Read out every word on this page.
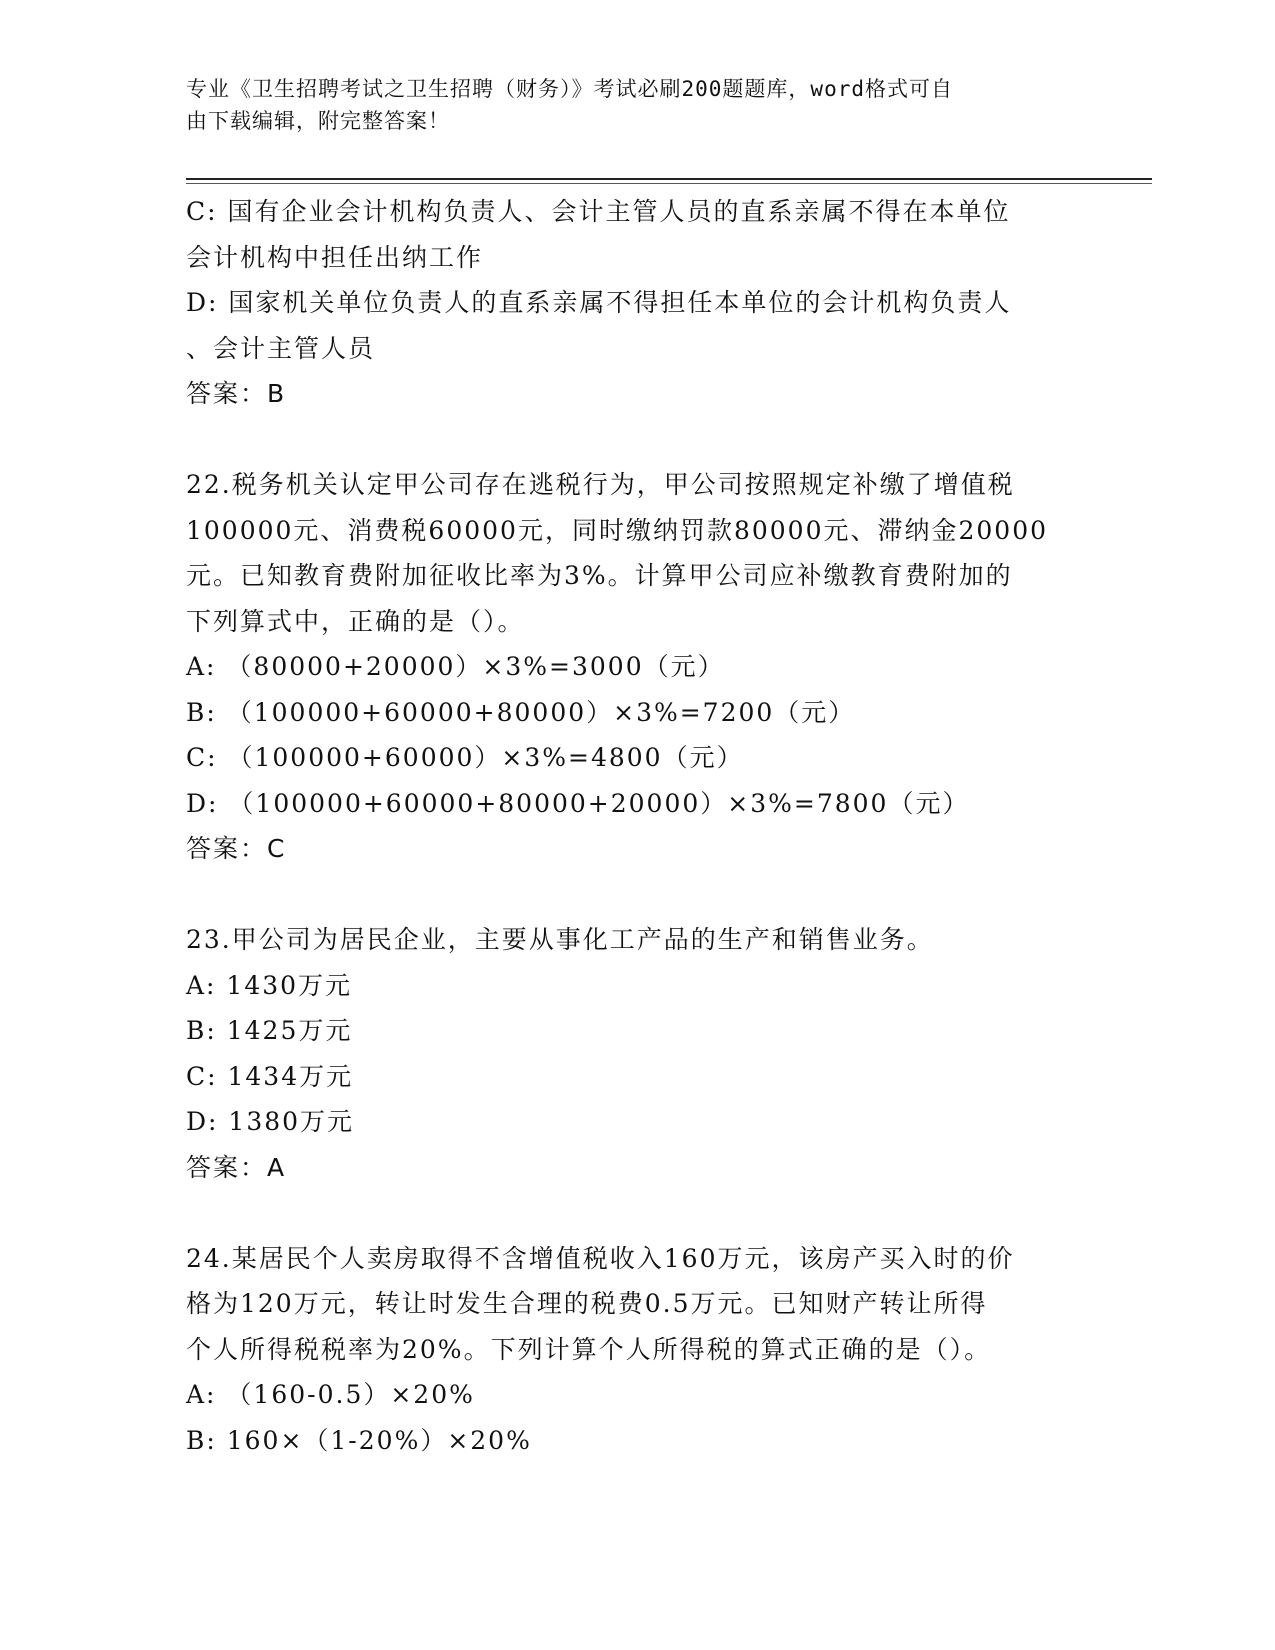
专业《卫生招聘考试之卫生招聘（财务）》考试必刷200题题库，word格式可自
由下载编辑，附完整答案！
C: 国有企业会计机构负责人、会计主管人员的直系亲属不得在本单位
会计机构中担任出纳工作
D: 国家机关单位负责人的直系亲属不得担任本单位的会计机构负责人
、会计主管人员
答案：B
22.税务机关认定甲公司存在逃税行为，甲公司按照规定补缴了增值税
100000元、消费税60000元，同时缴纳罚款80000元、滞纳金20000
元。已知教育费附加征收比率为3%。计算甲公司应补缴教育费附加的
下列算式中，正确的是（）。
A: （80000+20000）×3%=3000（元）
B: （100000+60000+80000）×3%=7200（元）
C: （100000+60000）×3%=4800（元）
D: （100000+60000+80000+20000）×3%=7800（元）
答案：C
23.甲公司为居民企业，主要从事化工产品的生产和销售业务。
A: 1430万元
B: 1425万元
C: 1434万元
D: 1380万元
答案：A
24.某居民个人卖房取得不含增值税收入160万元，该房产买入时的价
格为120万元，转让时发生合理的税费0.5万元。已知财产转让所得
个人所得税税率为20%。下列计算个人所得税的算式正确的是（）。
A: （160-0.5）×20%
B: 160×（1-20%）×20%
